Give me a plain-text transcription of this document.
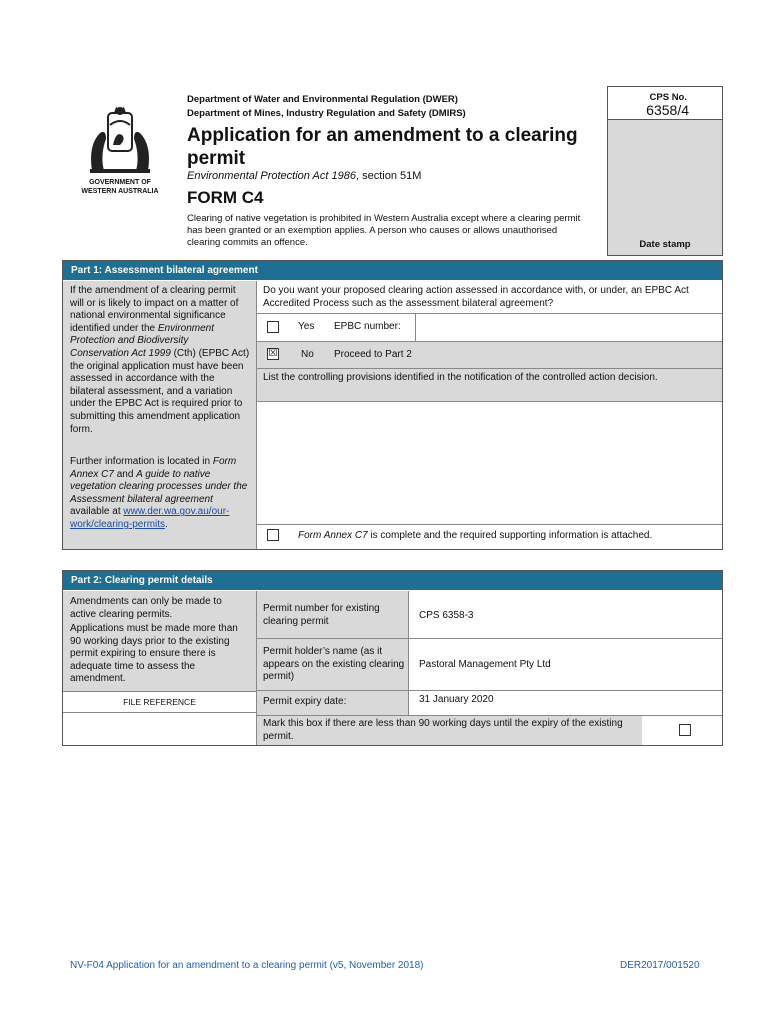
Department of Water and Environmental Regulation (DWER)
Department of Mines, Industry Regulation and Safety (DMIRS)
GOVERNMENT OF
WESTERN AUSTRALIA
Application for an amendment to a clearing
permit
Environmental Protection Act 1986, section 51M
FORM C4
Clearing of native vegetation is prohibited in Western Australia except where a clearing permit has been granted or an exemption applies. A person who causes or allows unauthorised clearing commits an offence.
CPS No.
6358/4
Date stamp
Part 1: Assessment bilateral agreement
If the amendment of a clearing permit will or is likely to impact on a matter of national environmental significance identified under the Environment Protection and Biodiversity Conservation Act 1999 (Cth) (EPBC Act) the original application must have been assessed in accordance with the bilateral assessment, and a variation under the EPBC Act is required prior to submitting this amendment application form.
Further information is located in Form Annex C7 and A guide to native vegetation clearing processes under the Assessment bilateral agreement available at www.der.wa.gov.au/our-work/clearing-permits.
Do you want your proposed clearing action assessed in accordance with, or under, an EPBC Act Accredited Process such as the assessment bilateral agreement?
Yes EPBC number:
☒ No Proceed to Part 2
List the controlling provisions identified in the notification of the controlled action decision.
Form Annex C7 is complete and the required supporting information is attached.
Part 2: Clearing permit details
Amendments can only be made to active clearing permits.
Applications must be made more than 90 working days prior to the existing permit expiring to ensure there is adequate time to assess the amendment.
FILE REFERENCE
Permit number for existing clearing permit
CPS 6358-3
Permit holder’s name (as it appears on the existing clearing permit)
Pastoral Management Pty Ltd
Permit expiry date:	31 January 2020
Mark this box if there are less than 90 working days until the expiry of the existing permit.
NV-F04 Application for an amendment to a clearing permit (v5, November 2018)	DER2017/001520
